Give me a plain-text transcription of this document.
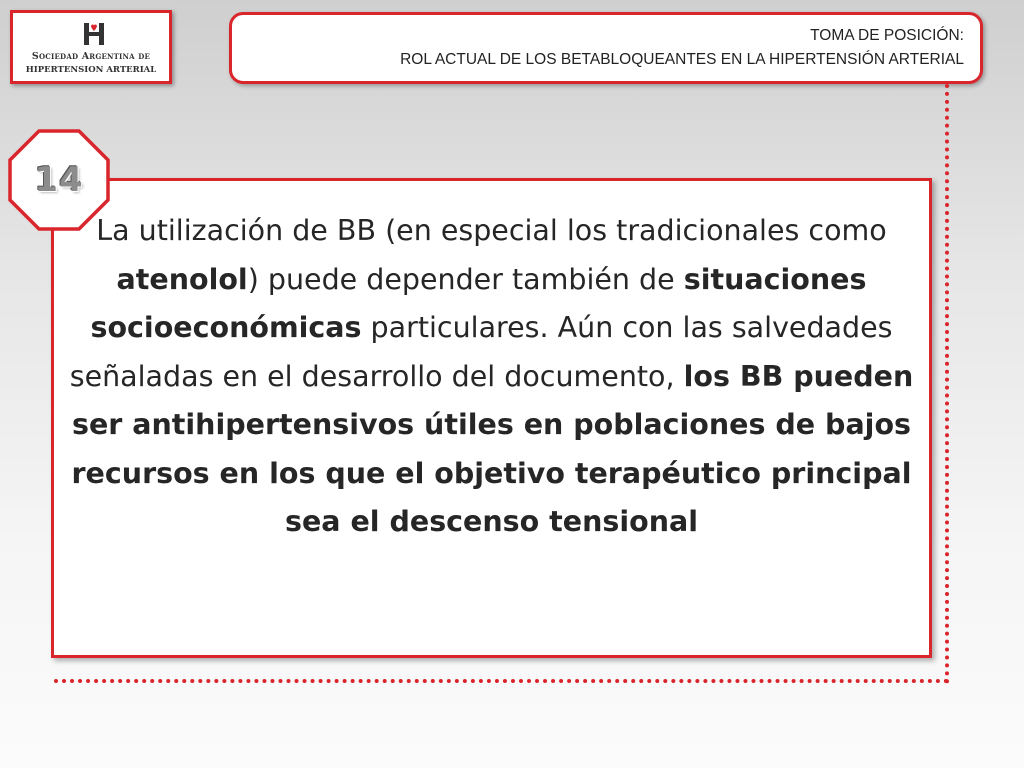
Sociedad Argentina de
HIPERTENSION ARTERIAL
TOMA DE POSICIÓN:
ROL ACTUAL DE LOS BETABLOQUEANTES EN LA HIPERTENSIÓN ARTERIAL
La utilización de BB (en especial los tradicionales como atenolol) puede depender también de situaciones socioeconómicas particulares. Aún con las salvedades señaladas en el desarrollo del documento, los BB pueden ser antihipertensivos útiles en poblaciones de bajos recursos en los que el objetivo terapéutico principal sea el descenso tensional
14
